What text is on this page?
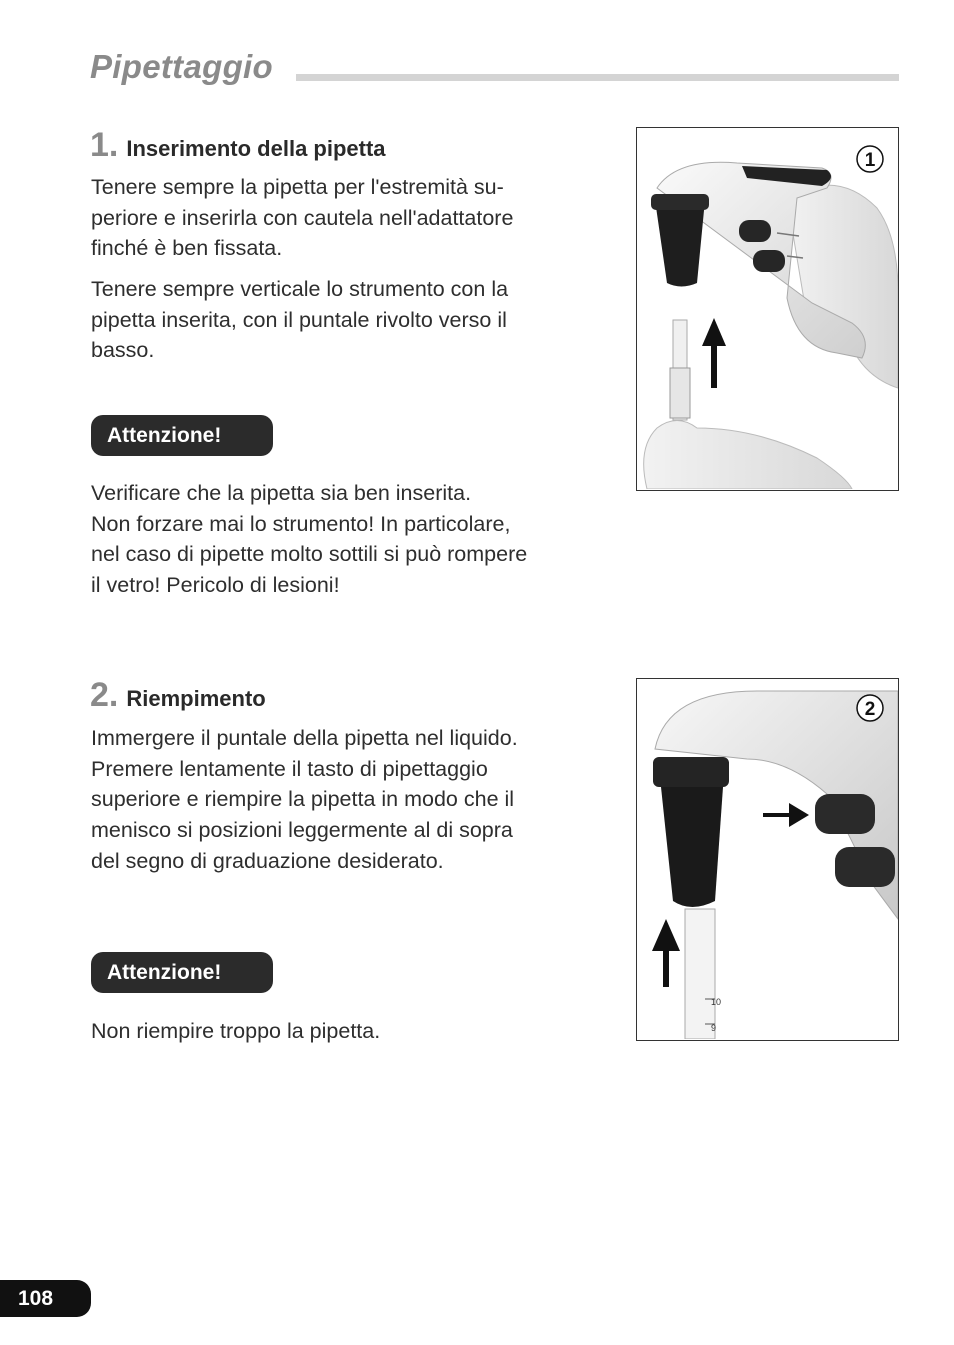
Pipettaggio
1. Inserimento della pipetta

Tenere sempre la pipetta per l'estremità su-
periore e inserirla con cautela nell'adattatore
finché è ben fissata.

Tenere sempre verticale lo strumento con la
pipetta inserita, con il puntale rivolto verso il
basso.

Attenzione!

Verificare che la pipetta sia ben inserita.
Non forzare mai lo strumento! In particolare,
nel caso di pipette molto sottili si può rompere
il vetro! Pericolo di lesioni!

1
2. Riempimento

Immergere il puntale della pipetta nel liquido.
Premere lentamente il tasto di pipettaggio
superiore e riempire la pipetta in modo che il
menisco si posizioni leggermente al di sopra
del segno di graduazione desiderato.

Attenzione!

Non riempire troppo la pipetta.

10
9
2
108
